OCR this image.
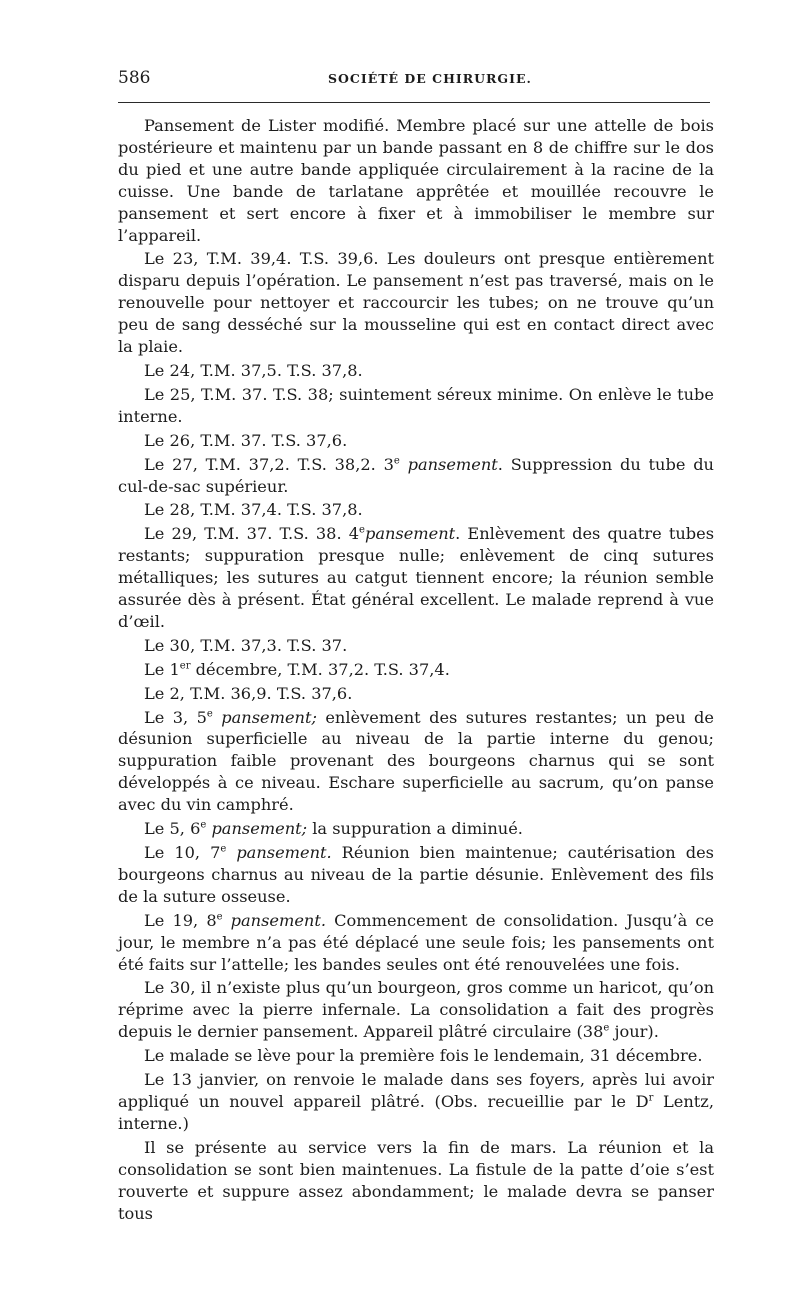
586	SOCIÉTÉ DE CHIRURGIE.

Pansement de Lister modifié. Membre placé sur une attelle de bois postérieure et maintenu par un bande passant en 8 de chiffre sur le dos du pied et une autre bande appliquée circulairement à la racine de la cuisse. Une bande de tarlatane apprêtée et mouillée recouvre le pansement et sert encore à fixer et à immobiliser le membre sur l’appareil.

Le 23, T.M. 39,4. T.S. 39,6. Les douleurs ont presque entièrement disparu depuis l’opération. Le pansement n’est pas traversé, mais on le renouvelle pour nettoyer et raccourcir les tubes; on ne trouve qu’un peu de sang desséché sur la mousseline qui est en contact direct avec la plaie.

Le 24, T.M. 37,5. T.S. 37,8.

Le 25, T.M. 37. T.S. 38; suintement séreux minime. On enlève le tube interne.

Le 26, T.M. 37. T.S. 37,6.

Le 27, T.M. 37,2. T.S. 38,2. 3e pansement. Suppression du tube du cul-de-sac supérieur.

Le 28, T.M. 37,4. T.S. 37,8.

Le 29, T.M. 37. T.S. 38. 4epansement. Enlèvement des quatre tubes restants; suppuration presque nulle; enlèvement de cinq sutures métalliques; les sutures au catgut tiennent encore; la réunion semble assurée dès à présent. État général excellent. Le malade reprend à vue d’œil.

Le 30, T.M. 37,3. T.S. 37.

Le 1er décembre, T.M. 37,2. T.S. 37,4.

Le 2, T.M. 36,9. T.S. 37,6.

Le 3, 5e pansement; enlèvement des sutures restantes; un peu de désunion superficielle au niveau de la partie interne du genou; suppuration faible provenant des bourgeons charnus qui se sont développés à ce niveau. Eschare superficielle au sacrum, qu’on panse avec du vin camphré.

Le 5, 6e pansement; la suppuration a diminué.

Le 10, 7e pansement. Réunion bien maintenue; cautérisation des bourgeons charnus au niveau de la partie désunie. Enlèvement des fils de la suture osseuse.

Le 19, 8e pansement. Commencement de consolidation. Jusqu’à ce jour, le membre n’a pas été déplacé une seule fois; les pansements ont été faits sur l’attelle; les bandes seules ont été renouvelées une fois.

Le 30, il n’existe plus qu’un bourgeon, gros comme un haricot, qu’on réprime avec la pierre infernale. La consolidation a fait des progrès depuis le dernier pansement. Appareil plâtré circulaire (38e jour).

Le malade se lève pour la première fois le lendemain, 31 décembre.

Le 13 janvier, on renvoie le malade dans ses foyers, après lui avoir appliqué un nouvel appareil plâtré. (Obs. recueillie par le $D^r$ Lentz, interne.)

Il se présente au service vers la fin de mars. La réunion et la consolidation se sont bien maintenues. La fistule de la patte d’oie s’est rouverte et suppure assez abondamment; le malade devra se panser tous
